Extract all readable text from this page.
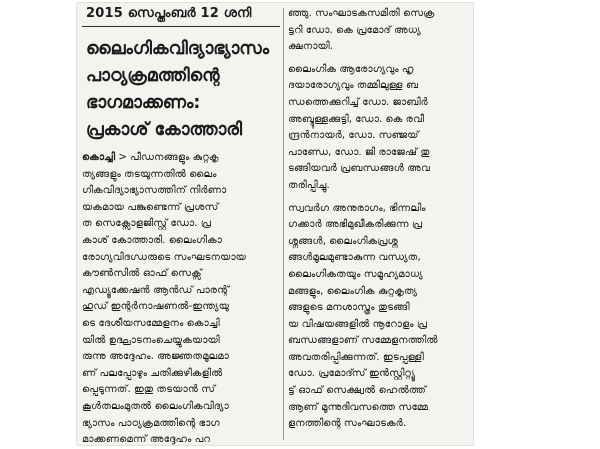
2015 സെപ്തംബർ 12 ശനി
ലൈംഗികവിദ്യാഭ്യാസം
പാഠ്യക്രമത്തിന്റെ
ഭാഗമാക്കണം:
പ്രകാശ് കോത്താരി
കൊച്ചി > പീഡനങ്ങളും കുറ്റകൃ
ത്യങ്ങളും തടയുന്നതിൽ ലൈം
ഗികവിദ്യാഭ്യാസത്തിന് നിർണാ
യകമായ പങ്കുണ്ടെന്ന് പ്രശസ്
ത സെക്സോളജിസ്റ്റ് ഡോ. പ്ര
കാശ് കോത്താരി. ലൈംഗികാ
രോഗ്യവിദഗ്ധരുടെ സംഘടനയായ
കൗൺസിൽ ഓഫ് സെക്സ്
എഡ്യൂക്കേഷൻ ആൻഡ് പാരന്റ്
ഹുഡ് ഇന്റർനാഷണൽ-ഇന്ത്യയു
ടെ ദേശീയസമ്മേളനം കൊച്ചി
യിൽ ഉദ്ഘാടനംചെയ്യുകയായി
രുന്നു അദ്ദേഹം. അജ്ഞതമൂലമാ
ണ് പലപ്പോഴും ചതിക്കുഴികളിൽ
പ്പെടുന്നത്. ഇതു തടയാൻ സ്
കൂൾതലംമുതൽ ലൈംഗികവിദ്യാ
ഭ്യാസം പാഠ്യക്രമത്തിന്റെ ഭാഗ
മാക്കണമെന്ന് അദ്ദേഹം പറ
ഞ്ഞു. സംഘാടകസമിതി സെക്ര
ട്ടറി ഡോ. കെ പ്രമോദ് അധ്യ
ക്ഷനായി.
ലൈംഗിക ആരോഗ്യവും ഹൃ
ദയാരോഗ്യവും തമ്മിലുള്ള ബ
ന്ധത്തെക്കുറിച്ച് ഡോ. ജാബിർ
അബ്ദുള്ളക്കുട്ടി, ഡോ. കെ രവീ
ന്ദ്രൻനായർ, ഡോ. സഞ്ജയ്
പാണ്ഡേ, ഡോ. ജി രാജേഷ് തു
ടങ്ങിയവർ പ്രബന്ധങ്ങൾ അവ
തരിപ്പിച്ചു.
സ്വവർഗ അനുരാഗം, ഭിന്നലിം
ഗക്കാർ അഭിമുഖീകരിക്കുന്ന പ്ര
ശ്നങ്ങൾ, ലൈംഗികപ്രശ്ന
ങ്ങൾമൂലമുണ്ടാകുന്ന വന്ധ്യത,
ലൈംഗികതയും സമൂഹ്യമാധ്യ
മങ്ങളും, ലൈംഗിക കുറ്റകൃത്യ
ങ്ങളുടെ മനശാസ്ത്രം തുടങ്ങി
യ വിഷയങ്ങളിൽ നൂറോളം പ്ര
ബന്ധങ്ങളാണ് സമ്മേളനത്തിൽ
അവതരിപ്പിക്കുന്നത്. ഇടപ്പള്ളി
ഡോ. പ്രമോദ്സ് ഇൻസ്റ്റിറ്റ്യൂ
ട്ട് ഓഫ് സെക്ഷ്വൽ ഹെൽത്ത്
ആണ് മൂന്നുദിവസത്തെ സമ്മേ
ളനത്തിന്റെ സംഘാടകർ.
